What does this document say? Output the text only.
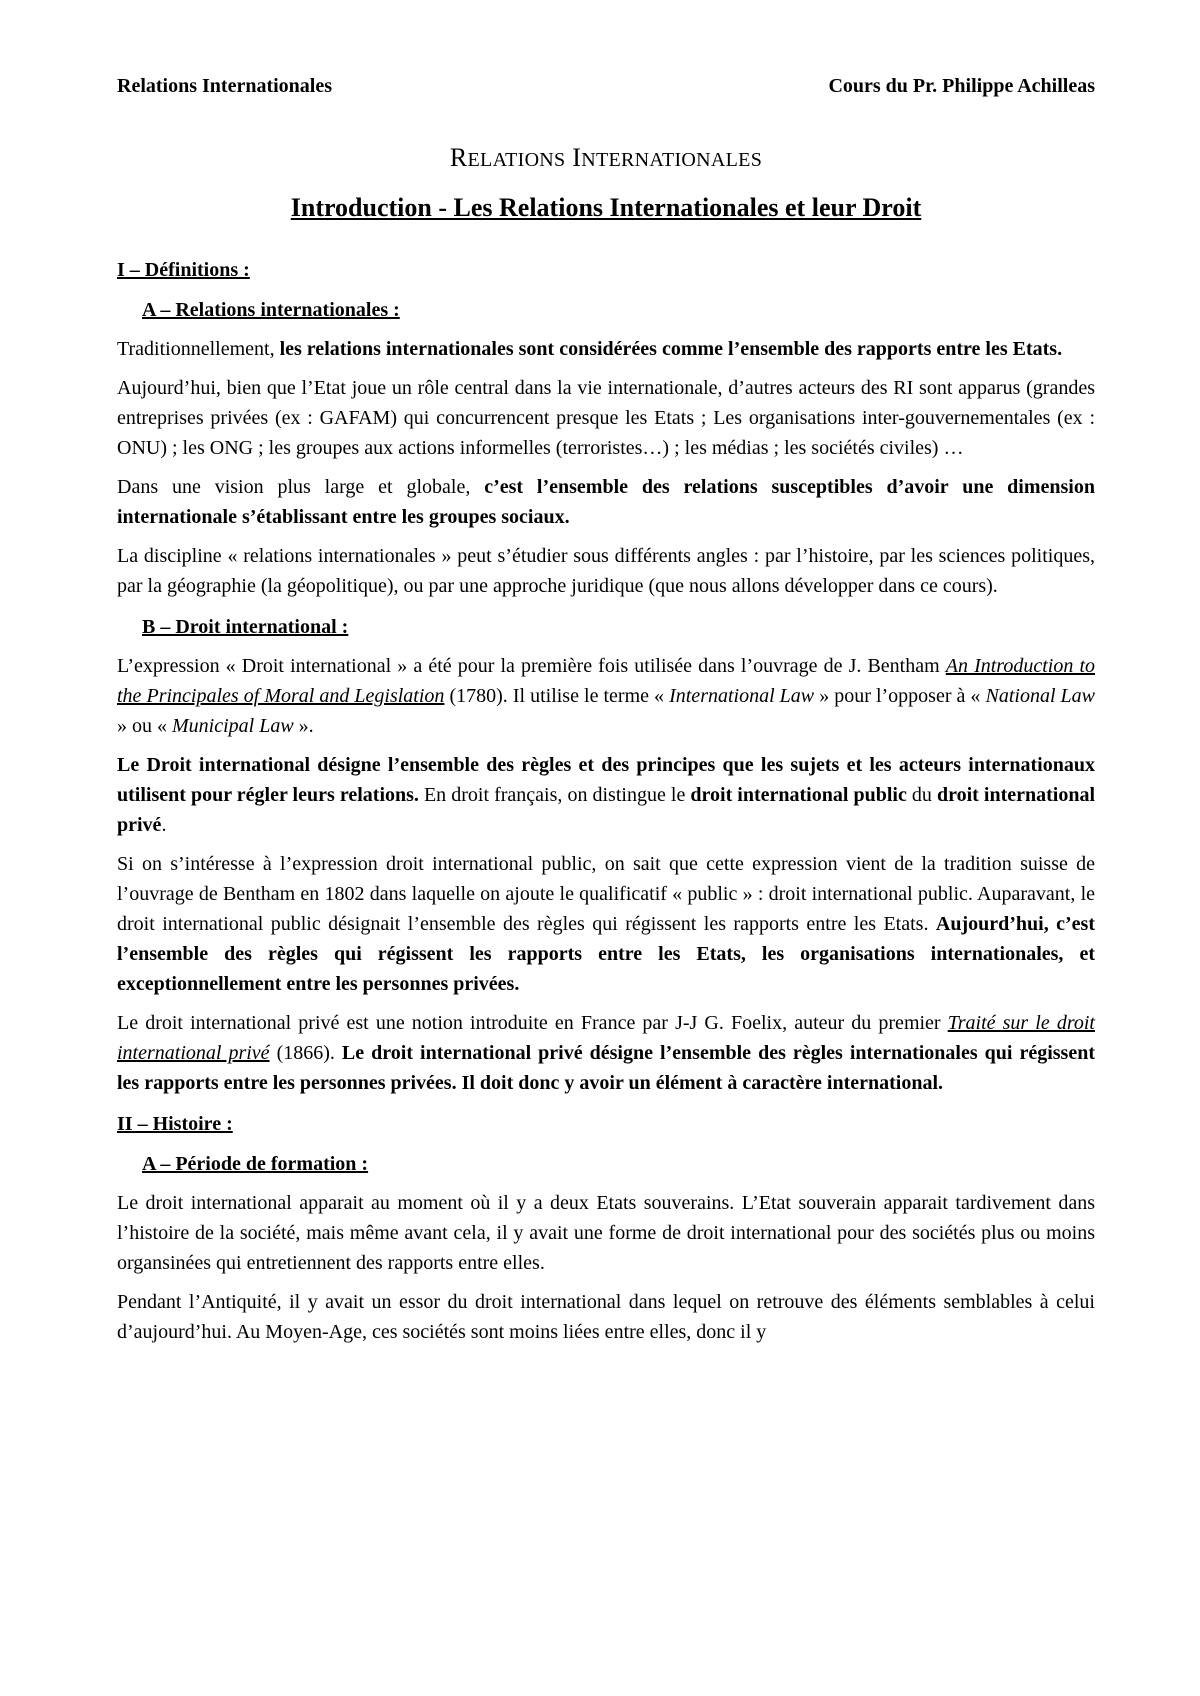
Relations Internationales	Cours du Pr. Philippe Achilleas
RELATIONS INTERNATIONALES
Introduction - Les Relations Internationales et leur Droit
I – Définitions :
A – Relations internationales :

Traditionnellement, les relations internationales sont considérées comme l’ensemble des rapports entre les Etats.

Aujourd’hui, bien que l’Etat joue un rôle central dans la vie internationale, d’autres acteurs des RI sont apparus (grandes entreprises privées (ex : GAFAM) qui concurrencent presque les Etats ; Les organisations inter-gouvernementales (ex : ONU) ; les ONG ; les groupes aux actions informelles (terroristes…) ; les médias ; les sociétés civiles) …

Dans une vision plus large et globale, c’est l’ensemble des relations susceptibles d’avoir une dimension internationale s’établissant entre les groupes sociaux.

La discipline « relations internationales » peut s’étudier sous différents angles : par l’histoire, par les sciences politiques, par la géographie (la géopolitique), ou par une approche juridique (que nous allons développer dans ce cours).

B – Droit international :

L’expression « Droit international » a été pour la première fois utilisée dans l’ouvrage de J. Bentham An Introduction to the Principales of Moral and Legislation (1780). Il utilise le terme « International Law » pour l’opposer à « National Law » ou « Municipal Law ».

Le Droit international désigne l’ensemble des règles et des principes que les sujets et les acteurs internationaux utilisent pour régler leurs relations. En droit français, on distingue le droit international public du droit international privé.

Si on s’intéresse à l’expression droit international public, on sait que cette expression vient de la tradition suisse de l’ouvrage de Bentham en 1802 dans laquelle on ajoute le qualificatif « public » : droit international public. Auparavant, le droit international public désignait l’ensemble des règles qui régissent les rapports entre les Etats. Aujourd’hui, c’est l’ensemble des règles qui régissent les rapports entre les Etats, les organisations internationales, et exceptionnellement entre les personnes privées.

Le droit international privé est une notion introduite en France par J-J G. Foelix, auteur du premier Traité sur le droit international privé (1866). Le droit international privé désigne l’ensemble des règles internationales qui régissent les rapports entre les personnes privées. Il doit donc y avoir un élément à caractère international.

II – Histoire :
A – Période de formation :

Le droit international apparait au moment où il y a deux Etats souverains. L’Etat souverain apparait tardivement dans l’histoire de la société, mais même avant cela, il y avait une forme de droit international pour des sociétés plus ou moins organsinées qui entretiennent des rapports entre elles.

Pendant l’Antiquité, il y avait un essor du droit international dans lequel on retrouve des éléments semblables à celui d’aujourd’hui. Au Moyen-Age, ces sociétés sont moins liées entre elles, donc il y
